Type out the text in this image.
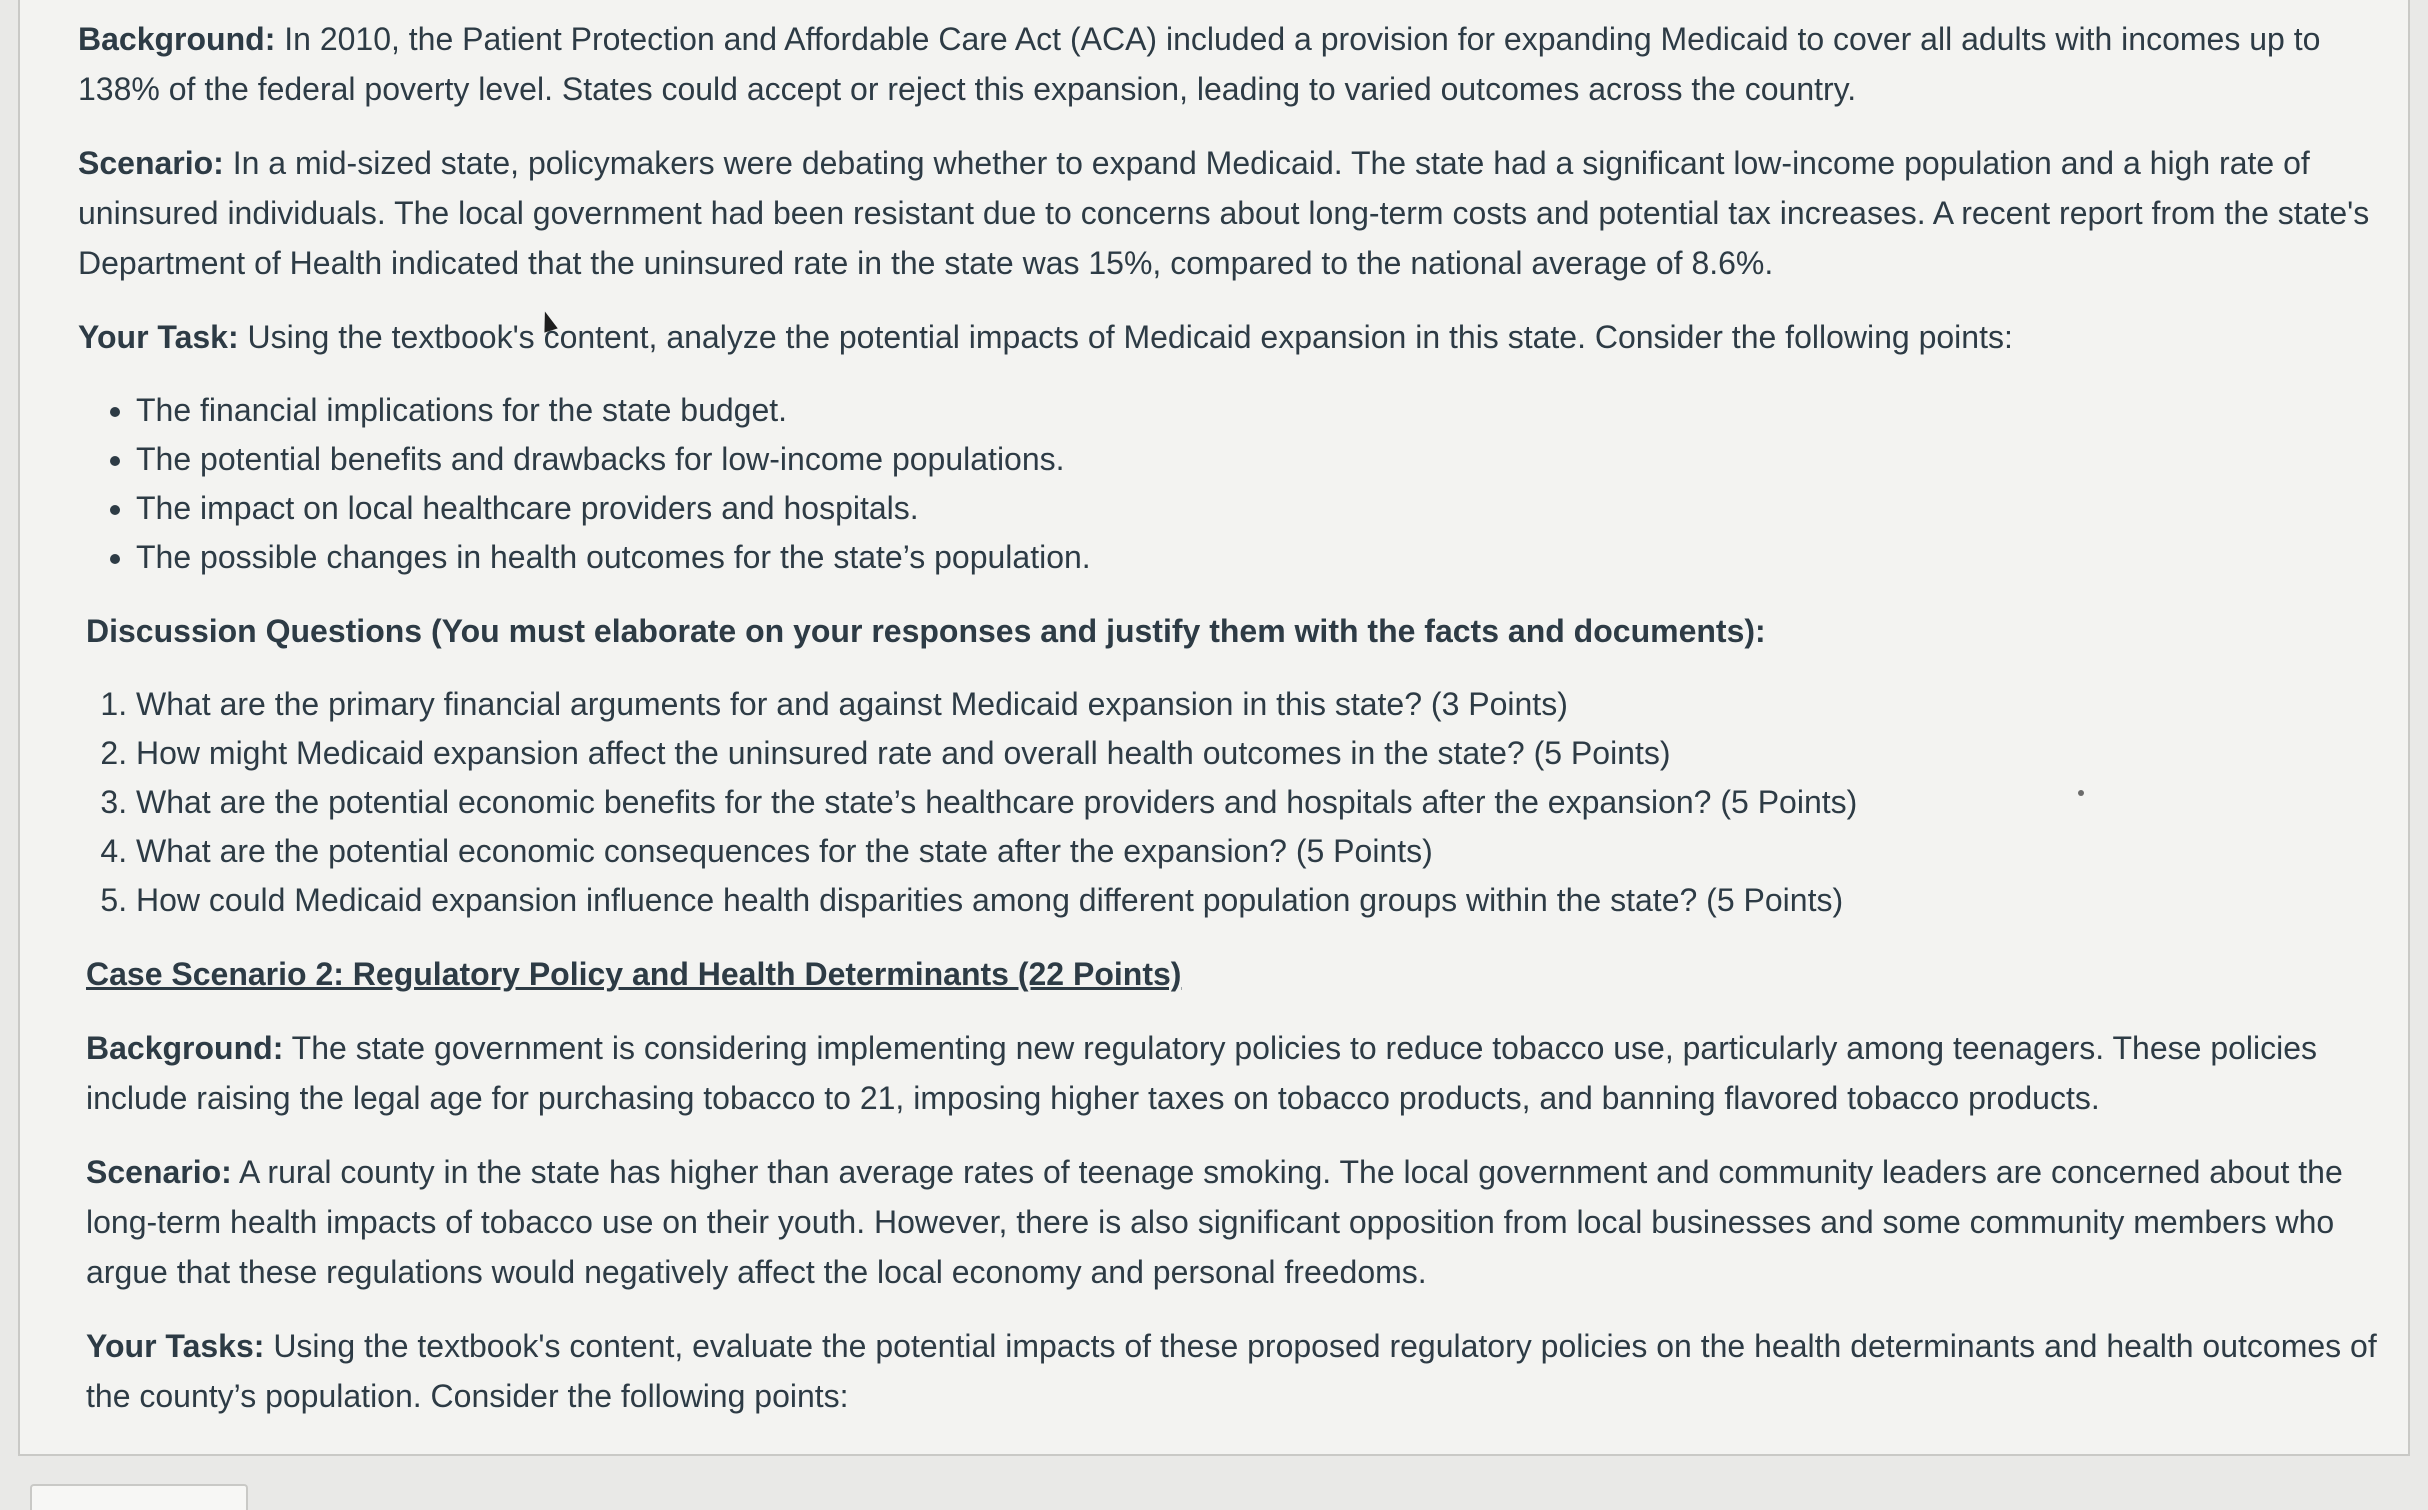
Background: In 2010, the Patient Protection and Affordable Care Act (ACA) included a provision for expanding Medicaid to cover all adults with incomes up to 138% of the federal poverty level. States could accept or reject this expansion, leading to varied outcomes across the country.

Scenario: In a mid-sized state, policymakers were debating whether to expand Medicaid. The state had a significant low-income population and a high rate of uninsured individuals. The local government had been resistant due to concerns about long-term costs and potential tax increases. A recent report from the state's Department of Health indicated that the uninsured rate in the state was 15%, compared to the national average of 8.6%.

Your Task: Using the textbook's content, analyze the potential impacts of Medicaid expansion in this state. Consider the following points:

• The financial implications for the state budget.
• The potential benefits and drawbacks for low-income populations.
• The impact on local healthcare providers and hospitals.
• The possible changes in health outcomes for the state’s population.

Discussion Questions (You must elaborate on your responses and justify them with the facts and documents):

1. What are the primary financial arguments for and against Medicaid expansion in this state? (3 Points)
2. How might Medicaid expansion affect the uninsured rate and overall health outcomes in the state? (5 Points)
3. What are the potential economic benefits for the state’s healthcare providers and hospitals after the expansion? (5 Points)
4. What are the potential economic consequences for the state after the expansion? (5 Points)
5. How could Medicaid expansion influence health disparities among different population groups within the state? (5 Points)

Case Scenario 2: Regulatory Policy and Health Determinants (22 Points)

Background: The state government is considering implementing new regulatory policies to reduce tobacco use, particularly among teenagers. These policies include raising the legal age for purchasing tobacco to 21, imposing higher taxes on tobacco products, and banning flavored tobacco products.

Scenario: A rural county in the state has higher than average rates of teenage smoking. The local government and community leaders are concerned about the long-term health impacts of tobacco use on their youth. However, there is also significant opposition from local businesses and some community members who argue that these regulations would negatively affect the local economy and personal freedoms.

Your Tasks: Using the textbook's content, evaluate the potential impacts of these proposed regulatory policies on the health determinants and health outcomes of the county’s population. Consider the following points:
